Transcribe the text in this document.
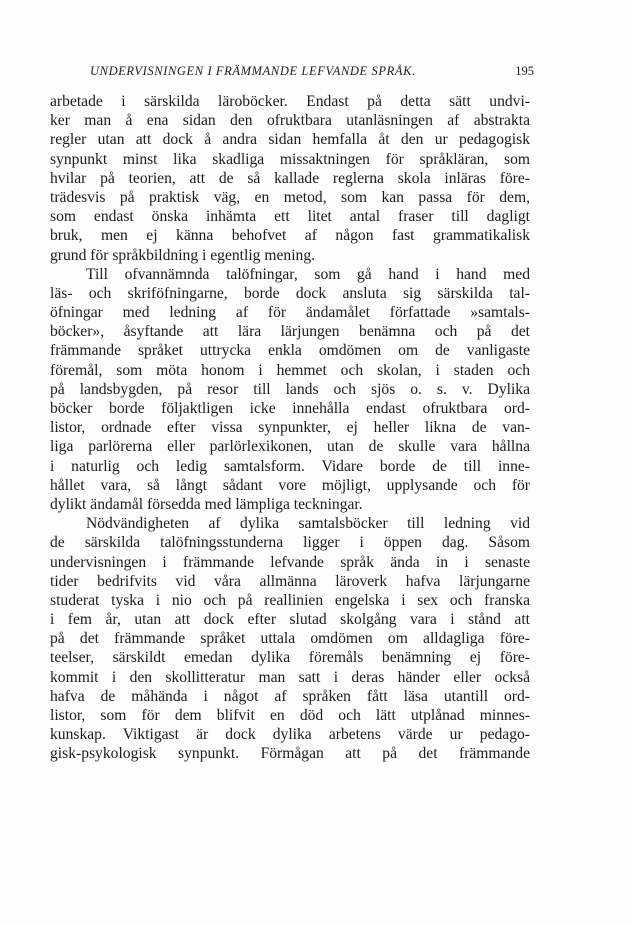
UNDERVISNINGEN I FRÄMMANDE LEFVANDE SPRÅK.	195
arbetade i särskilda läroböcker. Endast på detta sätt undvi-
ker man å ena sidan den ofruktbara utanläsningen af abstrakta
regler utan att dock å andra sidan hemfalla åt den ur pedagogisk
synpunkt minst lika skadliga missaktningen för språkläran, som
hvilar på teorien, att de så kallade reglerna skola inläras före-
trädesvis på praktisk väg, en metod, som kan passa för dem,
som endast önska inhämta ett litet antal fraser till dagligt
bruk, men ej känna behofvet af någon fast grammatikalisk
grund för språkbildning i egentlig mening.
Till ofvannämnda talöfningar, som gå hand i hand med
läs- och skriföfningarne, borde dock ansluta sig särskilda tal-
öfningar med ledning af för ändamålet författade »samtals-
böcker», åsyftande att lära lärjungen benämna och på det
främmande språket uttrycka enkla omdömen om de vanligaste
föremål, som möta honom i hemmet och skolan, i staden och
på landsbygden, på resor till lands och sjös o. s. v. Dylika
böcker borde följaktligen icke innehålla endast ofruktbara ord-
listor, ordnade efter vissa synpunkter, ej heller likna de van-
liga parlörerna eller parlörlexikonen, utan de skulle vara hållna
i naturlig och ledig samtalsform. Vidare borde de till inne-
hållet vara, så långt sådant vore möjligt, upplysande och för
dylikt ändamål försedda med lämpliga teckningar.
Nödvändigheten af dylika samtalsböcker till ledning vid
de särskilda talöfningsstunderna ligger i öppen dag. Såsom
undervisningen i främmande lefvande språk ända in i senaste
tider bedrifvits vid våra allmänna läroverk hafva lärjungarne
studerat tyska i nio och på reallinien engelska i sex och franska
i fem år, utan att dock efter slutad skolgång vara i stånd att
på det främmande språket uttala omdömen om alldagliga före-
teelser, särskildt emedan dylika föremåls benämning ej före-
kommit i den skollitteratur man satt i deras händer eller också
hafva de måhända i något af språken fått läsa utantill ord-
listor, som för dem blifvit en död och lätt utplånad minnes-
kunskap. Viktigast är dock dylika arbetens värde ur pedago-
gisk-psykologisk synpunkt. Förmågan att på det främmande
